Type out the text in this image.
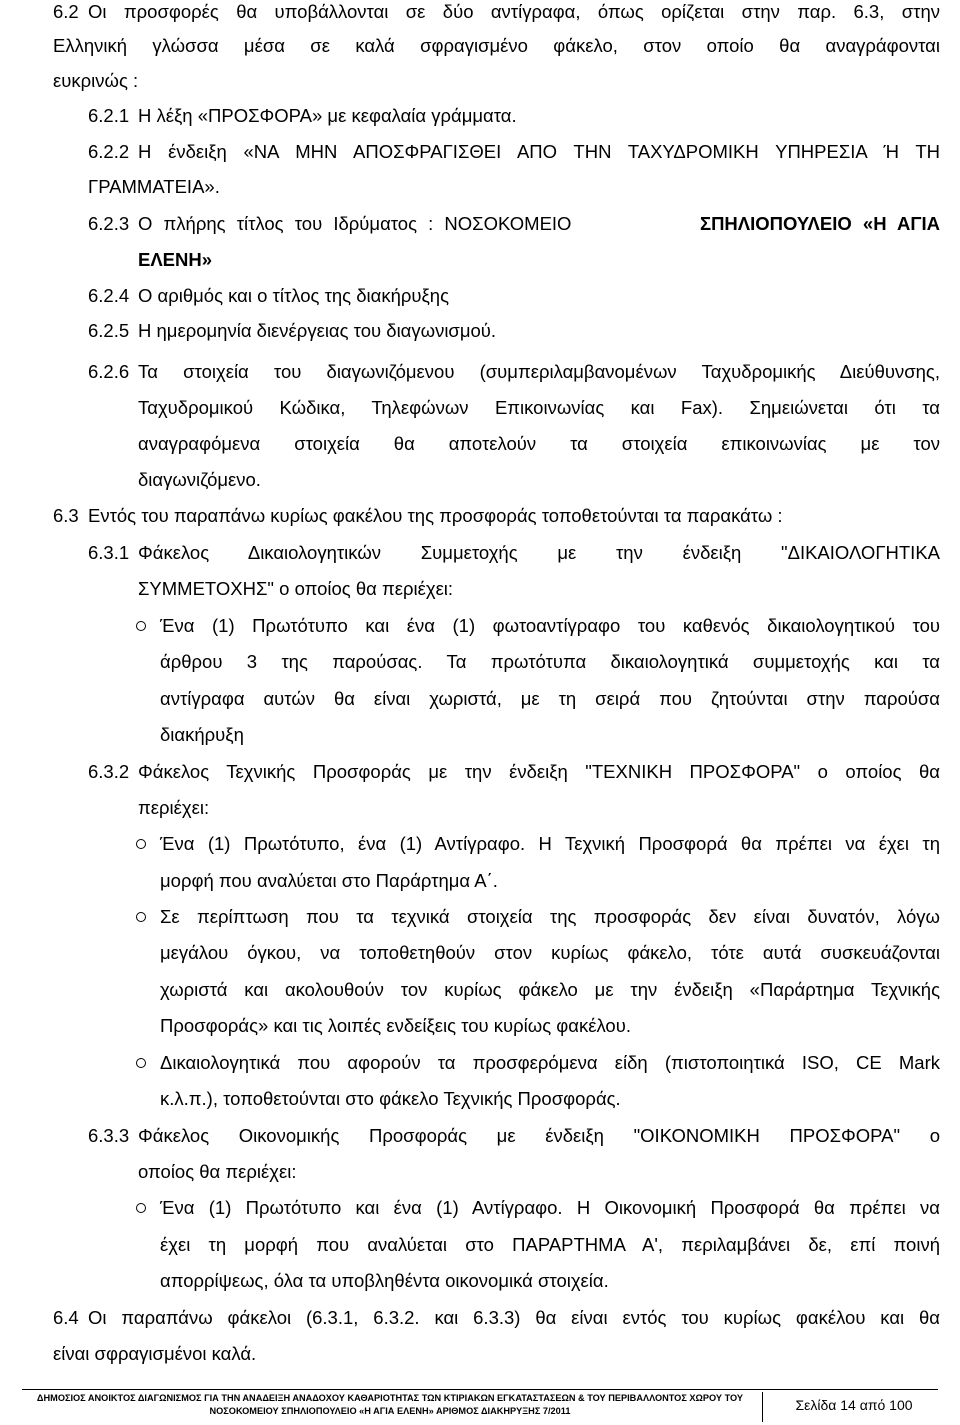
6.2 Οι προσφορές θα υποβάλλονται σε δύο αντίγραφα, όπως ορίζεται στην παρ. 6.3, στην
Ελληνική γλώσσα μέσα σε καλά σφραγισμένο φάκελο, στον οποίο θα αναγράφονται
ευκρινώς :
6.2.1 Η λέξη «ΠΡΟΣΦΟΡΑ» με κεφαλαία γράμματα.
6.2.2 Η ένδειξη «ΝΑ ΜΗΝ ΑΠΟΣΦΡΑΓΙΣΘΕΙ ΑΠΟ ΤΗΝ ΤΑΧΥΔΡΟΜΙΚΗ ΥΠΗΡΕΣΙΑ Ή ΤΗ
ΓΡΑΜΜΑΤΕΙΑ».
6.2.3 Ο πλήρης τίτλος του Ιδρύματος : ΝΟΣΟΚΟΜΕΙΟ	ΣΠΗΛΙΟΠΟΥΛΕΙΟ «Η ΑΓΙΑ
ΕΛΕΝΗ»
6.2.4 Ο αριθμός και ο τίτλος της διακήρυξης
6.2.5 Η ημερομηνία διενέργειας του διαγωνισμού.
6.2.6 Τα στοιχεία του διαγωνιζόμενου (συμπεριλαμβανομένων Ταχυδρομικής Διεύθυνσης,
Ταχυδρομικού Κώδικα, Τηλεφώνων Επικοινωνίας και Fax). Σημειώνεται ότι τα
αναγραφόμενα στοιχεία θα αποτελούν τα στοιχεία επικοινωνίας με τον
διαγωνιζόμενο.
6.3 Εντός του παραπάνω κυρίως φακέλου της προσφοράς τοποθετούνται τα παρακάτω :
6.3.1 Φάκελος Δικαιολογητικών Συμμετοχής με την ένδειξη "ΔΙΚΑΙΟΛΟΓΗΤΙΚΑ
ΣΥΜΜΕΤΟΧΗΣ" ο οποίος θα περιέχει:
Ένα (1) Πρωτότυπο και ένα (1) φωτοαντίγραφο του καθενός δικαιολογητικού του
άρθρου 3 της παρούσας. Τα πρωτότυπα δικαιολογητικά συμμετοχής και τα
αντίγραφα αυτών θα είναι χωριστά, με τη σειρά που ζητούνται στην παρούσα
διακήρυξη
6.3.2 Φάκελος Τεχνικής Προσφοράς με την ένδειξη "ΤΕΧΝΙΚΗ ΠΡΟΣΦΟΡΑ" ο οποίος θα
περιέχει:
Ένα (1) Πρωτότυπο, ένα (1) Αντίγραφο. Η Τεχνική Προσφορά θα πρέπει να έχει τη
μορφή που αναλύεται στο Παράρτημα Α΄.
Σε περίπτωση που τα τεχνικά στοιχεία της προσφοράς δεν είναι δυνατόν, λόγω
μεγάλου όγκου, να τοποθετηθούν στον κυρίως φάκελο, τότε αυτά συσκευάζονται
χωριστά και ακολουθούν τον κυρίως φάκελο με την ένδειξη «Παράρτημα Τεχνικής
Προσφοράς» και τις λοιπές ενδείξεις του κυρίως φακέλου.
Δικαιολογητικά που αφορούν τα προσφερόμενα είδη (πιστοποιητικά ISO, CE Mark
κ.λ.π.), τοποθετούνται στο φάκελο Τεχνικής Προσφοράς.
6.3.3 Φάκελος Οικονομικής Προσφοράς με ένδειξη "ΟΙΚΟΝΟΜΙΚΗ ΠΡΟΣΦΟΡΑ" ο
οποίος θα περιέχει:
Ένα (1) Πρωτότυπο και ένα (1) Αντίγραφο. Η Οικονομική Προσφορά θα πρέπει να
έχει τη μορφή που αναλύεται στο ΠΑΡΑΡΤΗΜΑ Α', περιλαμβάνει δε, επί ποινή
απορρίψεως, όλα τα υποβληθέντα οικονομικά στοιχεία.
6.4 Οι παραπάνω φάκελοι (6.3.1, 6.3.2. και 6.3.3) θα είναι εντός του κυρίως φακέλου και θα
είναι σφραγισμένοι καλά.
ΔΗΜΟΣΙΟΣ ΑΝΟΙΚΤΟΣ ΔΙΑΓΩΝΙΣΜΟΣ ΓΙΑ ΤΗΝ ΑΝΑΔΕΙΞΗ ΑΝΑΔΟΧΟΥ ΚΑΘΑΡΙΟΤΗΤΑΣ ΤΩΝ ΚΤΙΡΙΑΚΩΝ ΕΓΚΑΤΑΣΤΑΣΕΩΝ & ΤΟΥ ΠΕΡΙΒΑΛΛΟΝΤΟΣ ΧΩΡΟΥ ΤΟΥ
ΝΟΣΟΚΟΜΕΙΟΥ ΣΠΗΛΙΟΠΟΥΛΕΙΟ «Η ΑΓΙΑ ΕΛΕΝΗ» ΑΡΙΘΜΟΣ ΔΙΑΚΗΡΥΞΗΣ 7/2011	Σελίδα 14 από 100
